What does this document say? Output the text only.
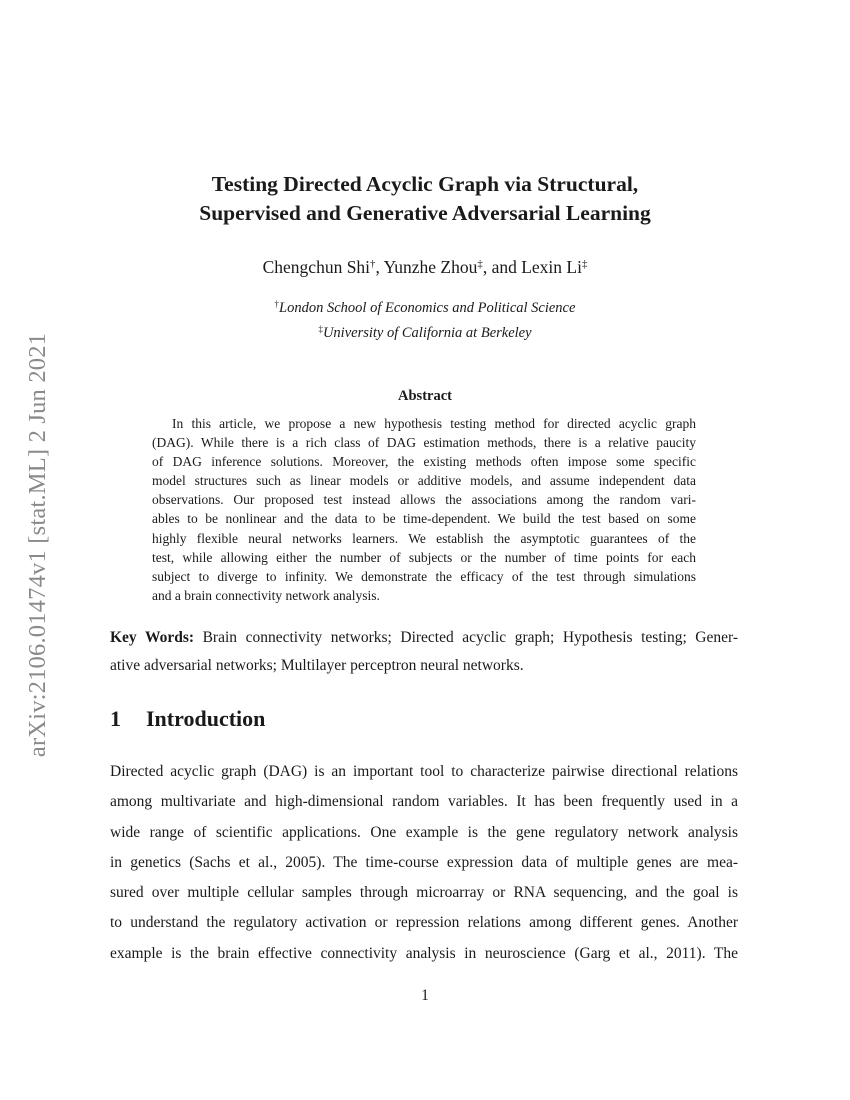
arXiv:2106.01474v1 [stat.ML] 2 Jun 2021
Testing Directed Acyclic Graph via Structural,
Supervised and Generative Adversarial Learning
Chengchun Shi†, Yunzhe Zhou‡, and Lexin Li‡
†London School of Economics and Political Science
‡University of California at Berkeley
Abstract
In this article, we propose a new hypothesis testing method for directed acyclic graph
(DAG). While there is a rich class of DAG estimation methods, there is a relative paucity
of DAG inference solutions. Moreover, the existing methods often impose some specific
model structures such as linear models or additive models, and assume independent data
observations. Our proposed test instead allows the associations among the random vari-
ables to be nonlinear and the data to be time-dependent. We build the test based on some
highly flexible neural networks learners. We establish the asymptotic guarantees of the
test, while allowing either the number of subjects or the number of time points for each
subject to diverge to infinity. We demonstrate the efficacy of the test through simulations
and a brain connectivity network analysis.
Key Words: Brain connectivity networks; Directed acyclic graph; Hypothesis testing; Gener-
ative adversarial networks; Multilayer perceptron neural networks.
1 Introduction
Directed acyclic graph (DAG) is an important tool to characterize pairwise directional relations
among multivariate and high-dimensional random variables. It has been frequently used in a
wide range of scientific applications. One example is the gene regulatory network analysis
in genetics (Sachs et al., 2005). The time-course expression data of multiple genes are mea-
sured over multiple cellular samples through microarray or RNA sequencing, and the goal is
to understand the regulatory activation or repression relations among different genes. Another
example is the brain effective connectivity analysis in neuroscience (Garg et al., 2011). The
1
